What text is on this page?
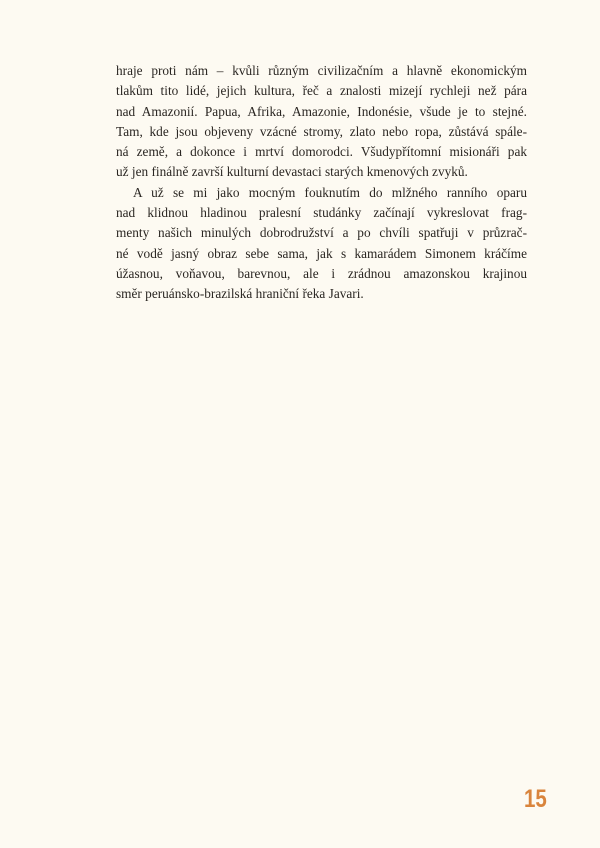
hraje proti nám – kvůli různým civilizačním a hlavně ekonomickým
tlakům tito lidé, jejich kultura, řeč a znalosti mizejí rychleji než pára
nad Amazonií. Papua, Afrika, Amazonie, Indonésie, všude je to stejné.
Tam, kde jsou objeveny vzácné stromy, zlato nebo ropa, zůstává spále-
ná země, a dokonce i mrtví domorodci. Všudypřítomní misionáři pak
už jen finálně završí kulturní devastaci starých kmenových zvyků.
A už se mi jako mocným fouknutím do mlžného ranního oparu
nad klidnou hladinou pralesní studánky začínají vykreslovat frag-
menty našich minulých dobrodružství a po chvíli spatřuji v průzrač-
né vodě jasný obraz sebe sama, jak s kamarádem Simonem kráčíme
úžasnou, voňavou, barevnou, ale i zrádnou amazonskou krajinou
směr peruánsko-brazilská hraniční řeka Javari.
15
